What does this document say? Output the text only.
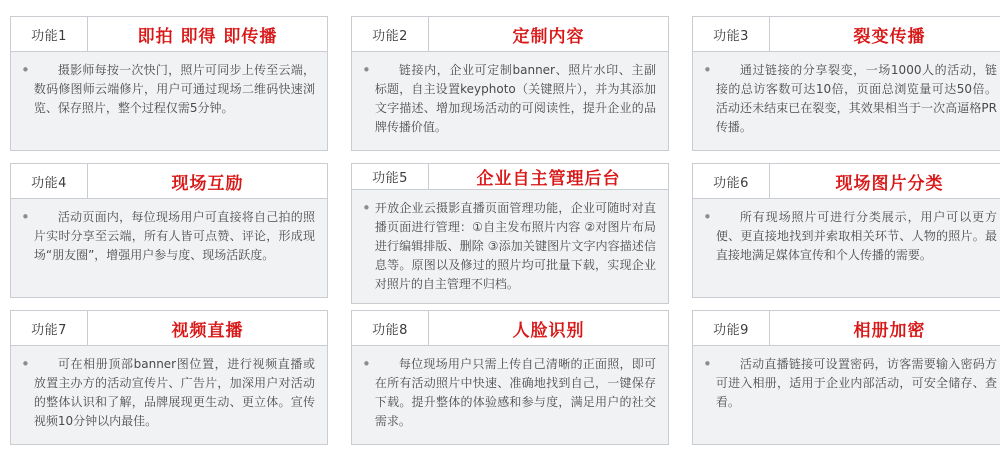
功能1	即拍 即得 即传播
•	摄影师每按一次快门，照片可同步上传至云端，数码修图师云端修片，用户可通过现场二维码快速浏览、保存照片，整个过程仅需5分钟。
功能2	定制内容
•	链接内，企业可定制banner、照片水印、主副标题，自主设置keyphoto（关键照片），并为其添加文字描述、增加现场活动的可阅读性，提升企业的品牌传播价值。
功能3	裂变传播
•	通过链接的分享裂变，一场1000人的活动，链接的总访客数可达10倍，页面总浏览量可达50倍。活动还未结束已在裂变，其效果相当于一次高逼格PR传播。
功能4	现场互励
•	活动页面内，每位现场用户可直接将自己拍的照片实时分享至云端，所有人皆可点赞、评论，形成现场“朋友圈”，增强用户参与度、现场活跃度。
功能5	企业自主管理后台
• 开放企业云摄影直播页面管理功能，企业可随时对直播页面进行管理：①自主发布照片内容 ②对图片布局进行编辑排版、删除 ③添加关键图片文字内容描述信息等。原图以及修过的照片均可批量下载，实现企业对照片的自主管理不归档。
功能6	现场图片分类
•	所有现场照片可进行分类展示，用户可以更方便、更直接地找到并索取相关环节、人物的照片。最直接地满足媒体宣传和个人传播的需要。
功能7	视频直播
•	可在相册顶部banner图位置，进行视频直播或放置主办方的活动宣传片、广告片，加深用户对活动的整体认识和了解，品牌展现更生动、更立体。宣传视频10分钟以内最佳。
功能8	人脸识别
•	每位现场用户只需上传自己清晰的正面照，即可在所有活动照片中快速、准确地找到自己，一键保存下载。提升整体的体验感和参与度，满足用户的社交需求。
功能9	相册加密
•	活动直播链接可设置密码，访客需要输入密码方可进入相册，适用于企业内部活动，可安全储存、查看。
